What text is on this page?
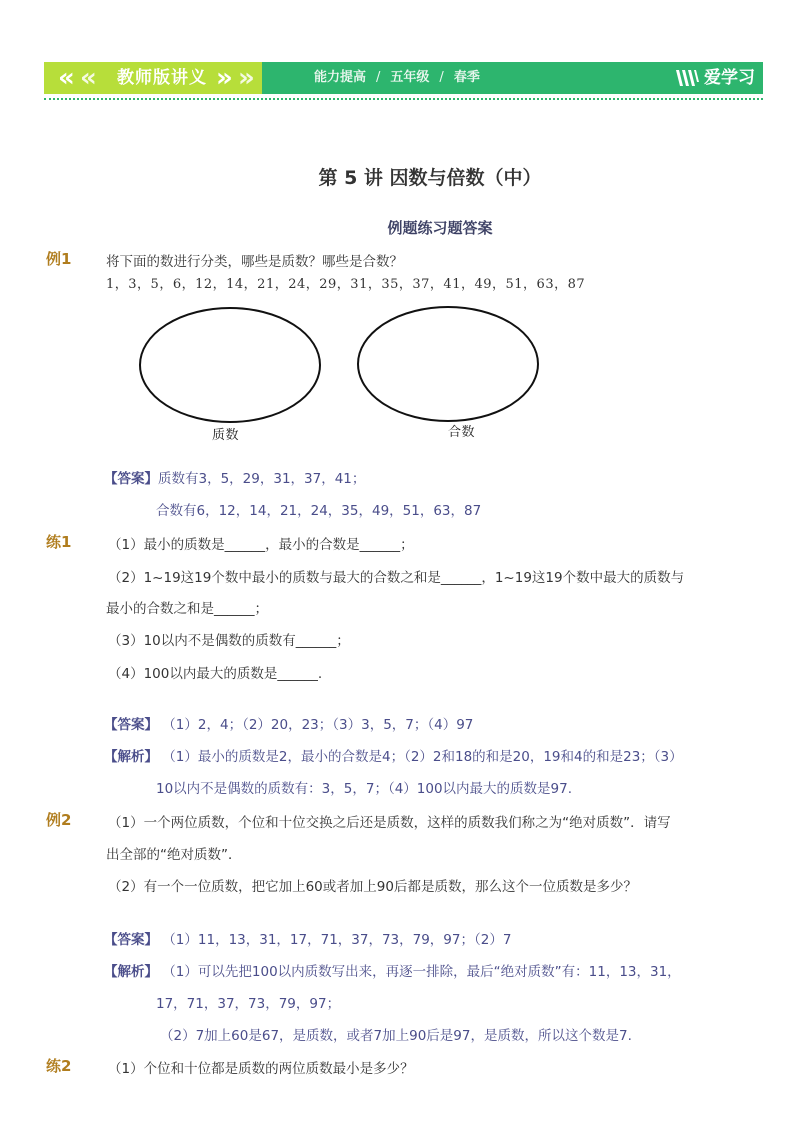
能力提高 / 五年级 / 春季	爱学习
« « 教师版讲义 » »
第 5 讲 因数与倍数（中）
例题练习题答案
例1	将下面的数进行分类，哪些是质数？哪些是合数？
1，3，5，6，12，14，21，24，29，31，35，37，41，49，51，63，87
质数	合数
【答案】质数有3，5，29，31，37，41；
合数有6，12，14，21，24，35，49，51，63，87
练1	（1）最小的质数是______，最小的合数是______；
（2）1~19这19个数中最小的质数与最大的合数之和是______，1~19这19个数中最大的质数与
最小的合数之和是______；
（3）10以内不是偶数的质数有______；
（4）100以内最大的质数是______.
【答案】 （1）2，4；（2）20，23；（3）3，5，7；（4）97
【解析】 （1）最小的质数是2，最小的合数是4；（2）2和18的和是20，19和4的和是23；（3）
10以内不是偶数的质数有：3，5，7；（4）100以内最大的质数是97.
例2	（1）一个两位质数，个位和十位交换之后还是质数，这样的质数我们称之为“绝对质数”．请写
出全部的“绝对质数”．
（2）有一个一位质数，把它加上60或者加上90后都是质数，那么这个一位质数是多少？
【答案】 （1）11，13，31，17，71，37，73，79，97；（2）7
【解析】 （1）可以先把100以内质数写出来，再逐一排除，最后“绝对质数”有：11，13，31，
17，71，37，73，79，97；
（2）7加上60是67，是质数，或者7加上90后是97，是质数，所以这个数是7.
练2	（1）个位和十位都是质数的两位质数最小是多少？
